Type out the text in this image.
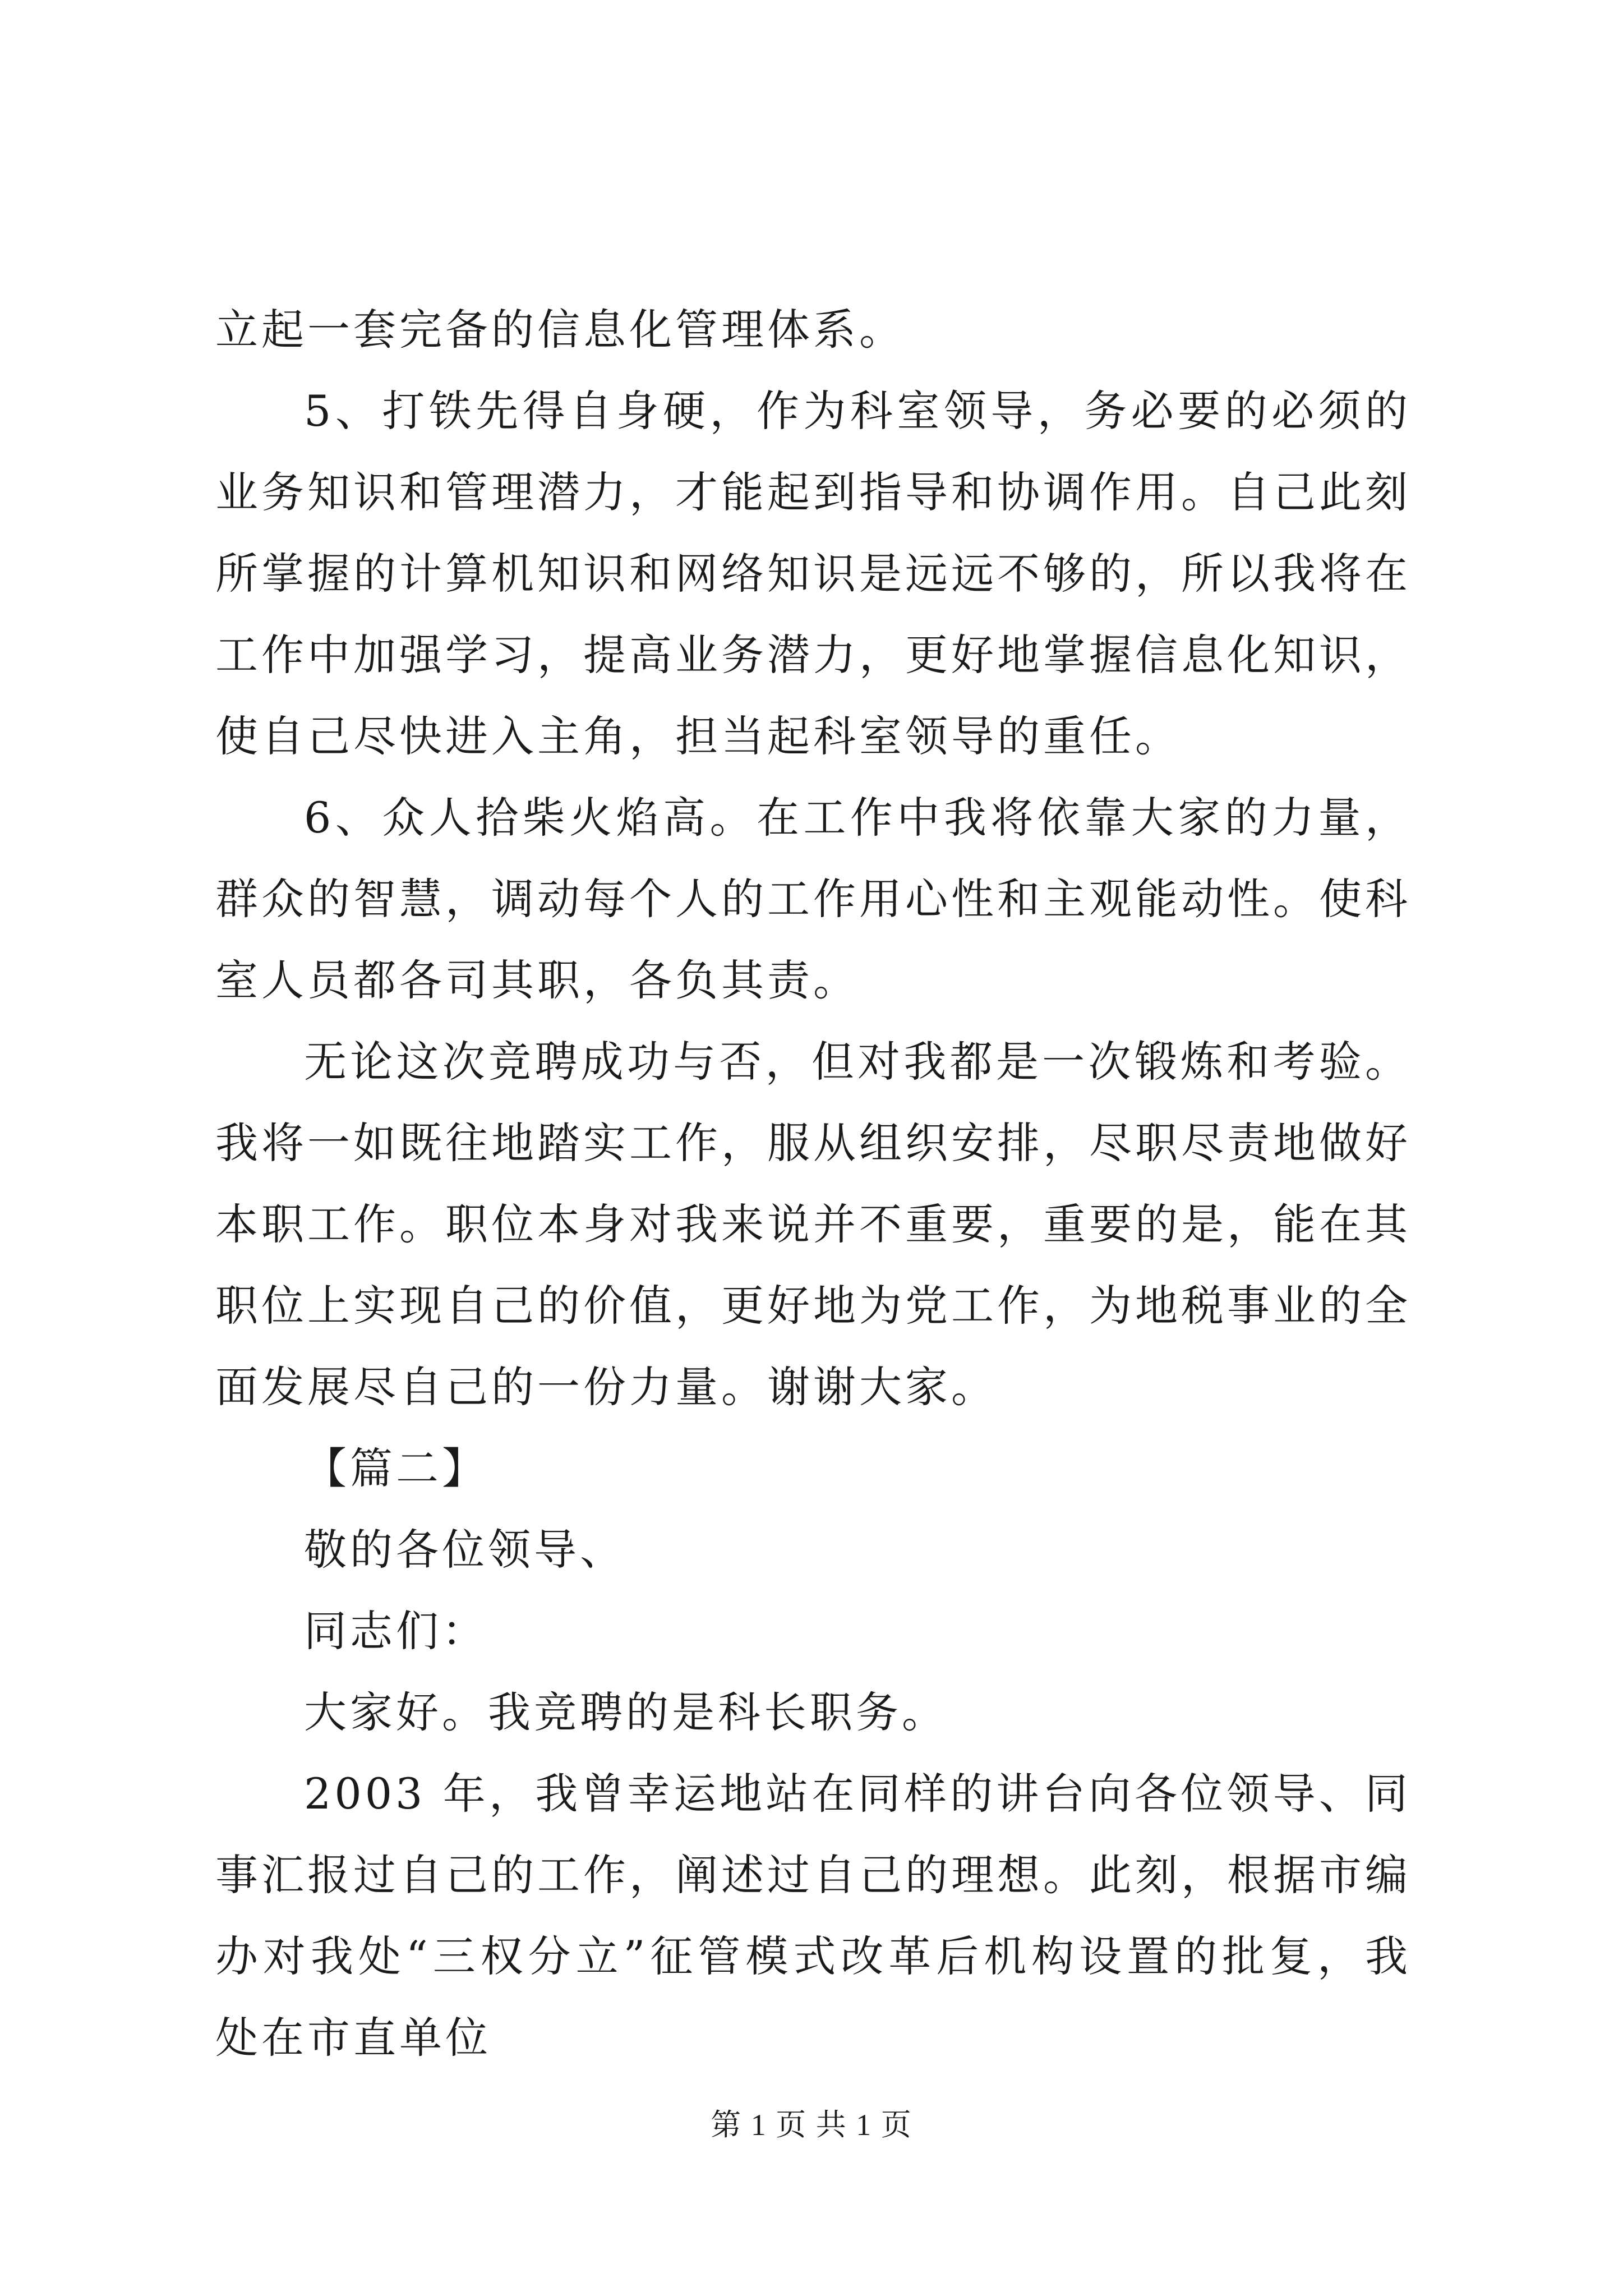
立起一套完备的信息化管理体系。

5、打铁先得自身硬，作为科室领导，务必要的必须的业务知识和管理潜力，才能起到指导和协调作用。自己此刻所掌握的计算机知识和网络知识是远远不够的，所以我将在工作中加强学习，提高业务潜力，更好地掌握信息化知识，使自己尽快进入主角，担当起科室领导的重任。

6、众人拾柴火焰高。在工作中我将依靠大家的力量，群众的智慧，调动每个人的工作用心性和主观能动性。使科室人员都各司其职，各负其责。

无论这次竞聘成功与否，但对我都是一次锻炼和考验。我将一如既往地踏实工作，服从组织安排，尽职尽责地做好本职工作。职位本身对我来说并不重要，重要的是，能在其职位上实现自己的价值，更好地为党工作，为地税事业的全面发展尽自己的一份力量。谢谢大家。

【篇二】

敬的各位领导、

同志们：

大家好。我竞聘的是科长职务。

2003 年，我曾幸运地站在同样的讲台向各位领导、同事汇报过自己的工作，阐述过自己的理想。此刻，根据市编办对我处“三权分立”征管模式改革后机构设置的批复，我处在市直单位

第 1 页 共 1 页
